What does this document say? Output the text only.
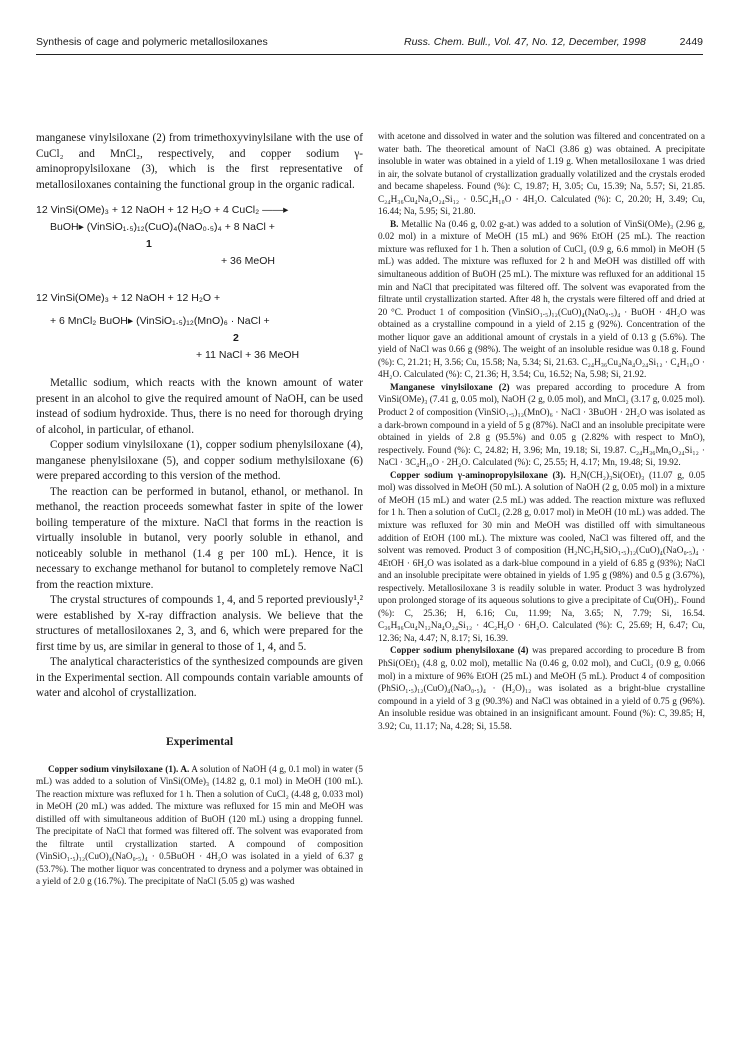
Synthesis of cage and polymeric metallosiloxanes	Russ. Chem. Bull., Vol. 47, No. 12, December, 1998	2449

manganese vinylsiloxane (2) from trimethoxyvinylsilane with the use of CuCl₂ and MnCl₂, respectively, and copper sodium γ-aminopropylsiloxane (3), which is the first representative of metallosiloxanes containing the functional group in the organic radical.

12 VinSi(OMe)₃ + 12 NaOH + 12 H₂O + 4 CuCl₂ ——▸
BuOH▸ (VinSiO₁.₅)₁₂(CuO)₄(NaO₀.₅)₄ + 8 NaCl +
1
+ 36 MeOH
12 VinSi(OMe)₃ + 12 NaOH + 12 H₂O +
+ 6 MnCl₂ BuOH▸ (VinSiO₁.₅)₁₂(MnO)₆ · NaCl +
2
+ 11 NaCl + 36 MeOH

Metallic sodium, which reacts with the known amount of water present in an alcohol to give the required amount of NaOH, can be used instead of sodium hydroxide. Thus, there is no need for thorough drying of alcohol, in particular, of ethanol.

Copper sodium vinylsiloxane (1), copper sodium phenylsiloxane (4), manganese phenylsiloxane (5), and copper sodium methylsiloxane (6) were prepared according to this version of the method.

The reaction can be performed in butanol, ethanol, or methanol. In methanol, the reaction proceeds somewhat faster in spite of the lower boiling temperature of the mixture. NaCl that forms in the reaction is virtually insoluble in butanol, very poorly soluble in ethanol, and noticeably soluble in methanol (1.4 g per 100 mL). Hence, it is necessary to exchange methanol for butanol to completely remove NaCl from the reaction mixture.

The crystal structures of compounds 1, 4, and 5 reported previously¹,² were established by X-ray diffraction analysis. We believe that the structures of metallosiloxanes 2, 3, and 6, which were prepared for the first time by us, are similar in general to those of 1, 4, and 5.

The analytical characteristics of the synthesized compounds are given in the Experimental section. All compounds contain variable amounts of water and alcohol of crystallization.

Experimental

Copper sodium vinylsiloxane (1). A. A solution of NaOH (4 g, 0.1 mol) in water (5 mL) was added to a solution of VinSi(OMe)₃ (14.82 g, 0.1 mol) in MeOH (100 mL). The reaction mixture was refluxed for 1 h. Then a solution of CuCl₂ (4.48 g, 0.033 mol) in MeOH (20 mL) was added. The mixture was refluxed for 15 min and MeOH was distilled off with simultaneous addition of BuOH (120 mL) using a dropping funnel. The precipitate of NaCl that formed was filtered off. The solvent was evaporated from the filtrate until crystallization started. A compound of composition (VinSiO₁.₅)₁₂(CuO)₄(NaO₀.₅)₄ · 0.5BuOH · 4H₂O was isolated in a yield of 6.37 g (53.7%). The mother liquor was concentrated to dryness and a polymer was obtained in a yield of 2.0 g (16.7%). The precipitate of NaCl (5.05 g) was washed

with acetone and dissolved in water and the solution was filtered and concentrated on a water bath. The theoretical amount of NaCl (3.86 g) was obtained. A precipitate insoluble in water was obtained in a yield of 1.19 g. When metallosiloxane 1 was dried in air, the solvate butanol of crystallization gradually volatilized and the crystals eroded and became shapeless. Found (%): C, 19.87; H, 3.05; Cu, 15.39; Na, 5.57; Si, 21.85. C₂₄H₃₆Cu₄Na₄O₂₄Si₁₂ · 0.5C₄H₁₀O · 4H₂O. Calculated (%): C, 20.20; H, 3.49; Cu, 16.44; Na, 5.95; Si, 21.80.

B. Metallic Na (0.46 g, 0.02 g-at.) was added to a solution of VinSi(OMe)₃ (2.96 g, 0.02 mol) in a mixture of MeOH (15 mL) and 96% EtOH (25 mL). The reaction mixture was refluxed for 1 h. Then a solution of CuCl₂ (0.9 g, 6.6 mmol) in MeOH (5 mL) was added. The mixture was refluxed for 2 h and MeOH was distilled off with simultaneous addition of BuOH (25 mL). The mixture was refluxed for an additional 15 min and NaCl that precipitated was filtered off. The solvent was evaporated from the filtrate until crystallization started. After 48 h, the crystals were filtered off and dried at 20 °C. Product 1 of composition (VinSiO₁.₅)₁₂(CuO)₄(NaO₀.₅)₄ · BuOH · 4H₂O was obtained as a crystalline compound in a yield of 2.15 g (92%). Concentration of the mother liquor gave an additional amount of crystals in a yield of 0.13 g (5.6%). The yield of NaCl was 0.66 g (98%). The weight of an insoluble residue was 0.18 g. Found (%): C, 21.21; H, 3.56; Cu, 15.58; Na, 5.34; Si, 21.63. C₂₄H₃₆Cu₄Na₄O₂₄Si₁₂ · C₄H₁₀O · 4H₂O. Calculated (%): C, 21.36; H, 3.54; Cu, 16.52; Na, 5.98; Si, 21.92.

Manganese vinylsiloxane (2) was prepared according to procedure A from VinSi(OMe)₃ (7.41 g, 0.05 mol), NaOH (2 g, 0.05 mol), and MnCl₂ (3.17 g, 0.025 mol). Product 2 of composition (VinSiO₁.₅)₁₂(MnO)₆ · NaCl · 3BuOH · 2H₂O was isolated as a dark-brown compound in a yield of 5 g (87%). NaCl and an insoluble precipitate were obtained in yields of 2.8 g (95.5%) and 0.05 g (2.82% with respect to MnO), respectively. Found (%): C, 24.82; H, 3.96; Mn, 19.18; Si, 19.87. C₂₄H₃₆Mn₆O₂₄Si₁₂ · NaCl · 3C₄H₁₀O · 2H₂O. Calculated (%): C, 25.55; H, 4.17; Mn, 19.48; Si, 19.92.

Copper sodium γ-aminopropylsiloxane (3). H₂N(CH₂)₃Si(OEt)₃ (11.07 g, 0.05 mol) was dissolved in MeOH (50 mL). A solution of NaOH (2 g, 0.05 mol) in a mixture of MeOH (15 mL) and water (2.5 mL) was added. The reaction mixture was refluxed for 1 h. Then a solution of CuCl₂ (2.28 g, 0.017 mol) in MeOH (10 mL) was added. The mixture was refluxed for 30 min and MeOH was distilled off with simultaneous addition of EtOH (100 mL). The mixture was cooled, NaCl was filtered off, and the solvent was removed. Product 3 of composition (H₂NC₃H₆SiO₁.₅)₁₂(CuO)₄(NaO₀.₅)₄ · 4EtOH · 6H₂O was isolated as a dark-blue compound in a yield of 6.85 g (93%); NaCl and an insoluble precipitate were obtained in yields of 1.95 g (98%) and 0.5 g (3.67%), respectively. Metallosiloxane 3 is readily soluble in water. Product 3 was hydrolyzed upon prolonged storage of its aqueous solutions to give a precipitate of Cu(OH)₂. Found (%): C, 25.36; H, 6.16; Cu, 11.99; Na, 3.65; N, 7.79; Si, 16.54. C₃₆H₉₆Cu₄N₁₂Na₄O₂₄Si₁₂ · 4C₂H₆O · 6H₂O. Calculated (%): C, 25.69; H, 6.47; Cu, 12.36; Na, 4.47; N, 8.17; Si, 16.39.

Copper sodium phenylsiloxane (4) was prepared according to procedure B from PhSi(OEt)₃ (4.8 g, 0.02 mol), metallic Na (0.46 g, 0.02 mol), and CuCl₂ (0.9 g, 0.066 mol) in a mixture of 96% EtOH (25 mL) and MeOH (5 mL). Product 4 of composition (PhSiO₁.₅)₁₂(CuO)₄(NaO₀.₅)₄ · (H₂O)₁₂ was isolated as a bright-blue crystalline compound in a yield of 3 g (90.3%) and NaCl was obtained in a yield of 0.75 g (96%). An insoluble residue was obtained in an insignificant amount. Found (%): C, 39.85; H, 3.92; Cu, 11.17; Na, 4.28; Si, 15.58.
